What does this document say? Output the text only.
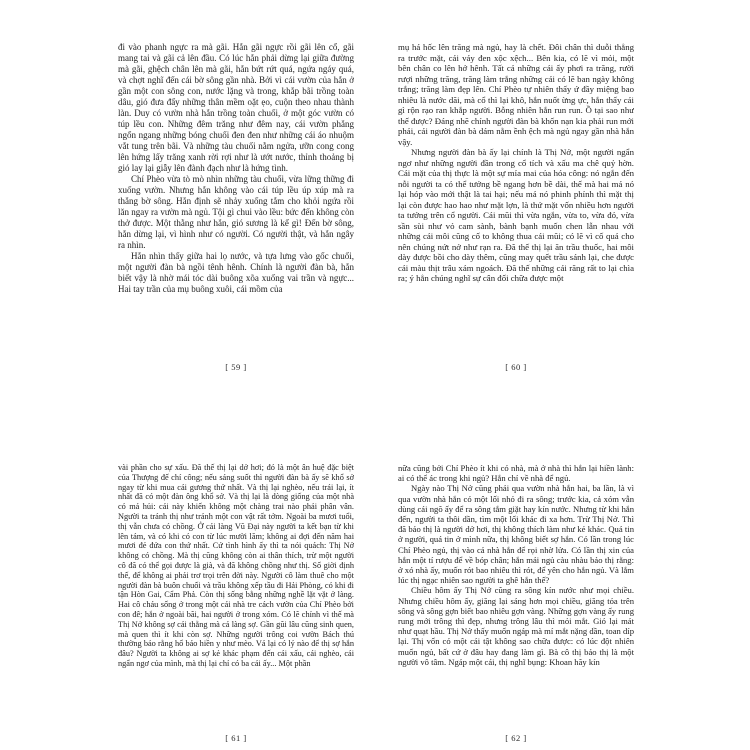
đi vào phanh ngực ra mà gãi. Hắn gãi ngực rồi gãi lên cổ, gãi mang tai và gãi cả lên đầu. Có lúc hắn phải dừng lại giữa đường mà gãi, ghệch chân lên mà gãi, hắn bứt rứt quá, ngứa ngáy quá, và chợt nghĩ đến cái bờ sông gần nhà. Bởi vì cái vườn của hắn ở gần một con sông con, nước lặng và trong, khắp bãi trồng toàn dâu, gió đưa đẩy những thân mềm oặt ẹo, cuộn theo nhau thành làn. Duy có vườn nhà hắn trồng toàn chuối, ở một góc vườn có túp lều con. Những đêm trăng như đêm nay, cái vườn phẳng ngổn ngang những bóng chuối đen đen như những cái áo nhuộm vắt tung trên bãi. Và những tàu chuối nằm ngửa, ưỡn cong cong lên hứng lấy trăng xanh rời rợi như là ướt nước, thỉnh thoảng bị gió lay lại giẫy lên đành đạch như là hứng tình.

Chí Phèo vừa tò mò nhìn những tàu chuối, vừa lững thững đi xuống vườn. Nhưng hắn không vào cái túp lều úp xúp mà ra thẳng bờ sông. Hắn định sẽ nhảy xuống tắm cho khỏi ngứa rồi lăn ngay ra vườn mà ngủ. Tội gì chui vào lều: bức đến không còn thở được. Một thằng như hắn, gió sương là kể gì! Đến bờ sông, hắn dừng lại, vì hình như có người. Có người thật, và hắn ngây ra nhìn.

Hắn nhìn thấy giữa hai lọ nước, và tựa lưng vào gốc chuối, một người đàn bà ngồi tênh hênh. Chính là người đàn bà, hắn biết vậy là nhờ mái tóc dài buông xõa xuống vai trần và ngực... Hai tay trần của mụ buông xuôi, cái mồm của

[ 59 ]

mụ há hốc lên trăng mà ngủ, hay là chết. Đôi chân thì duỗi thẳng ra trước mặt, cái váy đen xộc xệch... Bên kia, có lẽ vì mỏi, một bên chân co lên hớ hênh. Tất cả những cái ấy phơi ra trăng, rười rượi những trăng, trăng làm trắng những cái có lẽ ban ngày không trắng; trăng làm đẹp lên. Chí Phèo tự nhiên thấy ứ đầy miệng bao nhiêu là nước dãi, mà cổ thì lại khô, hắn nuốt ừng ực, hắn thấy cái gì rộn rạo ran khắp người. Bỗng nhiên hắn run run. Ồ tại sao như thế được? Đáng nhẽ chính người đàn bà khốn nạn kia phải run mới phải, cái người đàn bà dám nằm ềnh ệch mà ngủ ngay gần nhà hắn vậy.

Nhưng người đàn bà ấy lại chính là Thị Nở, một người ngẩn ngơ như những người đần trong cổ tích và xấu ma chê quỷ hờn. Cái mặt của thị thực là một sự mỉa mai của hóa công: nó ngắn đến nỗi người ta có thể tưởng bề ngang hơn bề dài, thế mà hai má nó lại hóp vào mới thật là tai hại; nếu má nó phinh phính thì mặt thị lại còn được hao hao như mặt lợn, là thứ mặt vốn nhiều hơn người ta tưởng trên cổ người. Cái mũi thì vừa ngắn, vừa to, vừa đỏ, vừa sần sùi như vỏ cam sành, bành bạnh muốn chen lẫn nhau với những cái môi cũng cố to không thua cái mũi; có lẽ vì cố quá cho nên chúng nứt nở như rạn ra. Đã thế thị lại ăn trầu thuốc, hai môi dày được bồi cho dày thêm, cũng may quết trầu sánh lại, che được cái màu thịt trâu xám ngoách. Đã thế những cái răng rất to lại chìa ra; ý hẳn chúng nghĩ sự cân đối chữa được một

[ 60 ]

vài phần cho sự xấu. Đã thế thị lại dở hơi; đó là một ân huệ đặc biệt của Thượng đế chí công; nếu sáng suốt thì người đàn bà ấy sẽ khổ sở ngay từ khi mua cái gương thứ nhất. Và thị lại nghèo, nếu trái lại, ít nhất đã có một đàn ông khổ sở. Và thị lại là dòng giống của một nhà có mả hủi: cái này khiến không một chàng trai nào phải phân vân. Người ta tránh thị như tránh một con vật rất tởm. Ngoài ba mươi tuổi, thị vẫn chưa có chồng. Ở cái làng Vũ Đại này người ta kết bạn từ khi lên tám, và có khi có con từ lúc mười lăm; không ai đợi đến năm hai mươi đẻ đứa con thứ nhất. Cứ tình hình ấy thì ta nói quách: Thị Nở không có chồng. Mà thị cũng không còn ai thân thích, trừ một người cô đã có thể gọi được là già, và đã không chồng như thị. Số giời định thế, để không ai phải trơ trọi trên đời này. Người cô làm thuê cho một người đàn bà buôn chuối và trầu không xếp tầu đi Hải Phòng, có khi đi tận Hòn Gai, Cẩm Phả. Còn thị sống bằng những nghề lặt vặt ở làng. Hai cô cháu sống ở trong một cái nhà tre cách vườn của Chí Phèo bởi con đê; hắn ở ngoài bãi, hai người ở trong xóm. Có lẽ chính vì thế mà Thị Nở không sợ cái thằng mà cả làng sợ. Gần gũi lâu cũng sinh quen, mà quen thì ít khi còn sợ. Những người trông coi vườn Bách thú thường bảo rằng hổ báo hiền y như mèo. Vả lại có lý nào để thị sợ hắn đâu? Người ta không ai sợ kẻ khác phạm đến cái xấu, cái nghèo, cái ngẩn ngơ của mình, mà thị lại chỉ có ba cái ấy... Một phần

[ 61 ]

nữa cũng bởi Chí Phèo ít khi có nhà, mà ở nhà thì hắn lại hiền lành: ai có thể ác trong khi ngủ? Hắn chỉ về nhà để ngủ.

Ngày nào Thị Nở cũng phải qua vườn nhà hắn hai, ba lần, là vì qua vườn nhà hắn có một lối nhỏ đi ra sông; trước kia, cả xóm vẫn dùng cái ngõ ấy để ra sông tắm giặt hay kín nước. Nhưng từ khi hắn đến, người ta thôi dần, tìm một lối khác đi xa hơn. Trừ Thị Nở. Thì đã bảo thị là người dở hơi, thị không thích làm như kẻ khác. Quá tin ở người, quá tin ở mình nữa, thị không biết sợ hắn. Có lần trong lúc Chí Phèo ngủ, thị vào cả nhà hắn để rọi nhờ lửa. Có lần thị xin của hắn một tí rượu để về bóp chân; hắn mải ngủ càu nhàu bảo thị rằng: ở xó nhà ấy, muốn rót bao nhiêu thì rót, để yên cho hắn ngủ. Và lắm lúc thị ngạc nhiên sao người ta ghê hắn thế?

Chiều hôm ấy Thị Nở cũng ra sông kín nước như mọi chiều. Nhưng chiều hôm ấy, giăng lại sáng hơn mọi chiều, giăng tỏa trên sông và sông gợn biết bao nhiêu gợn vàng. Những gợn vàng ấy rung rung mới trông thì đẹp, nhưng trông lâu thì mỏi mắt. Gió lại mát như quạt hầu. Thị Nở thấy muốn ngáp mà mí mắt nặng dần, toan díp lại. Thị vốn có một cái tật không sao chữa được: có lúc đột nhiên muốn ngủ, bất cứ ở đâu hay đang làm gì. Bà cô thị bảo thị là một người vô tâm. Ngáp một cái, thị nghĩ bụng: Khoan hãy kín

[ 62 ]
